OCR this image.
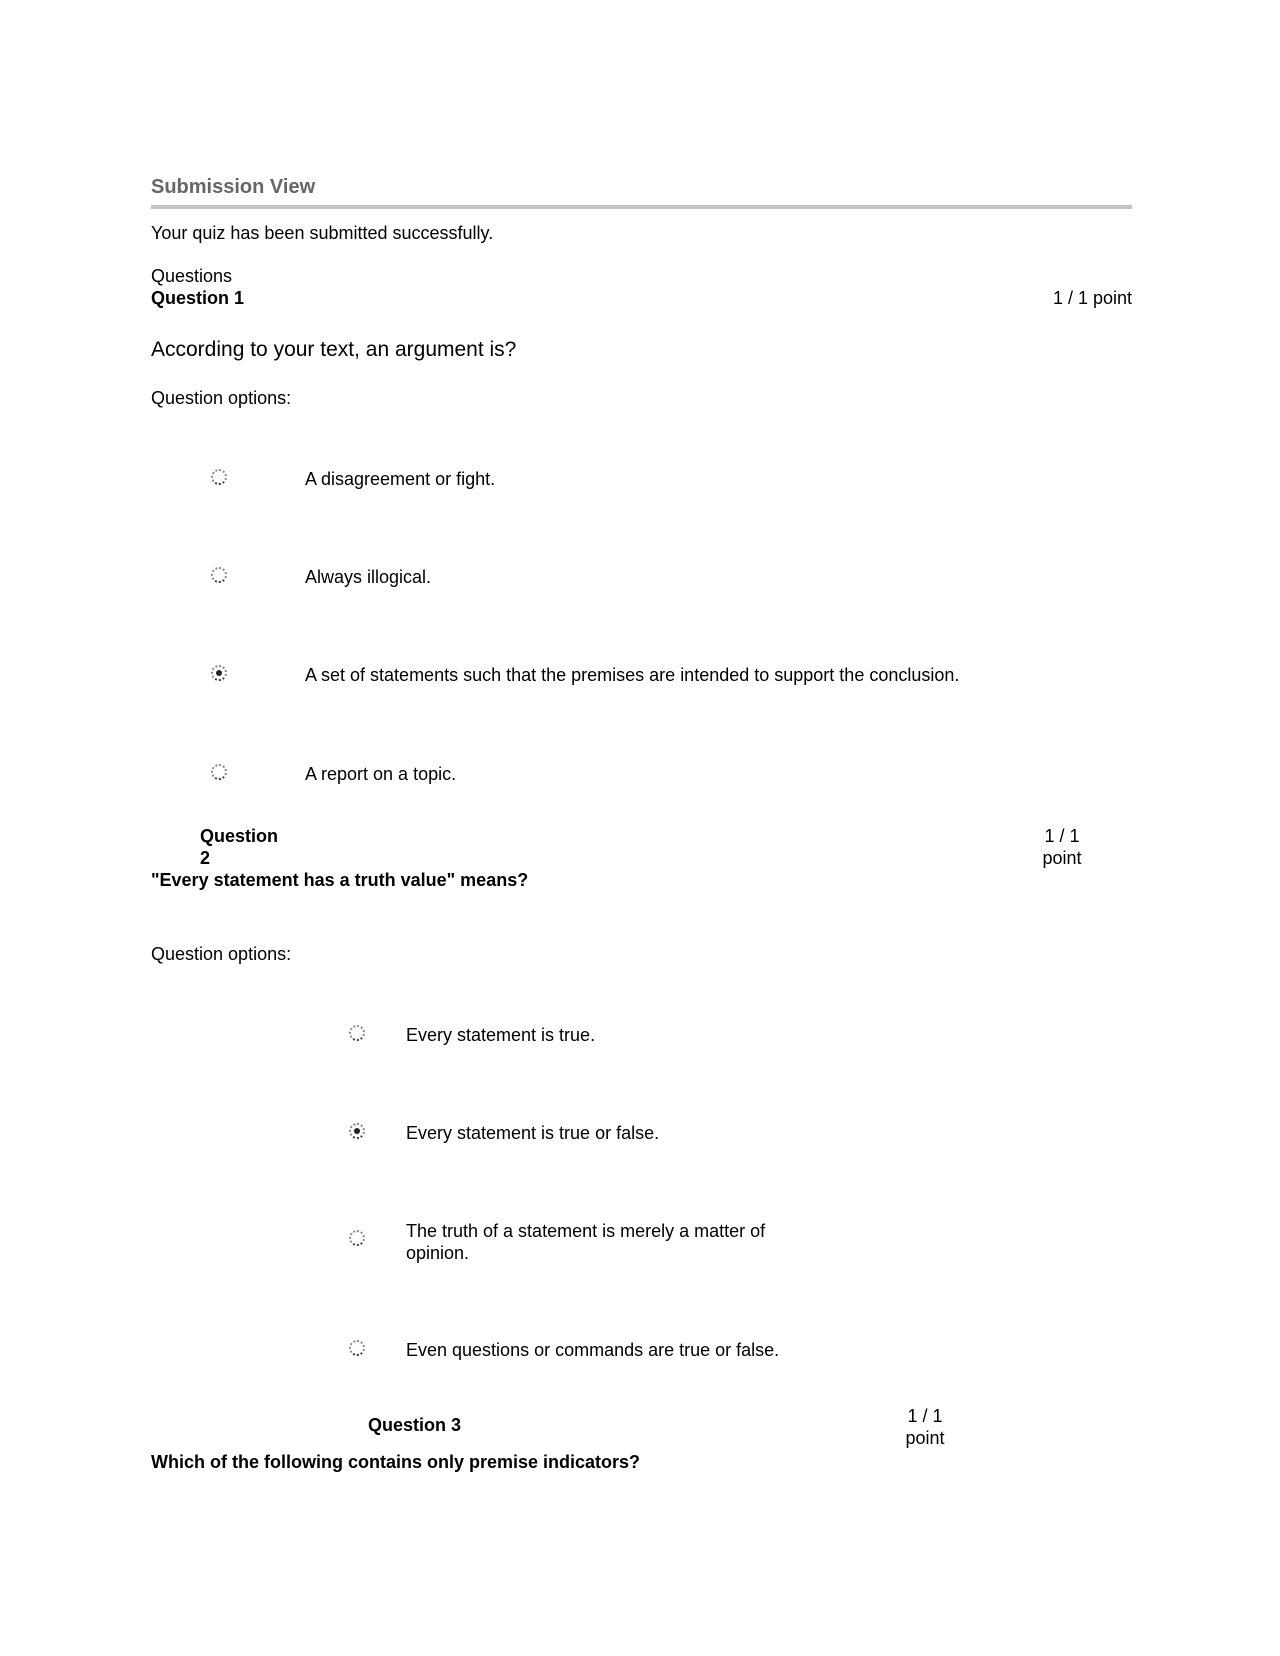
Submission View
Your quiz has been submitted successfully.
Questions
Question 1	1 / 1 point
According to your text, an argument is?
Question options:
A disagreement or fight.
Always illogical.
A set of statements such that the premises are intended to support the conclusion.
A report on a topic.
Question
2
1 / 1
point
"Every statement has a truth value" means?
Question options:
Every statement is true.
Every statement is true or false.
The truth of a statement is merely a matter of opinion.
Even questions or commands are true or false.
Question 3	1 / 1
point
Which of the following contains only premise indicators?
